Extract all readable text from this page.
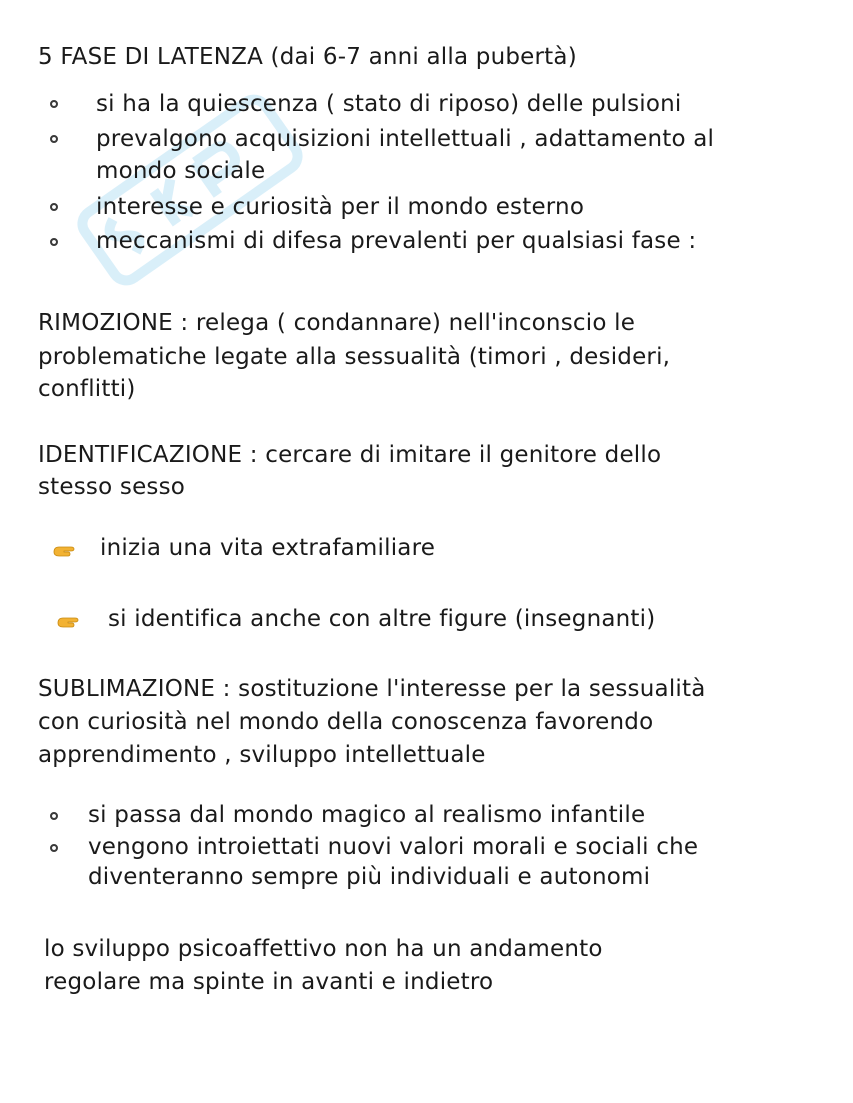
5 FASE DI LATENZA (dai 6-7 anni alla pubertà)
si ha la quiescenza ( stato di riposo) delle pulsioni
prevalgono acquisizioni intellettuali , adattamento al
mondo sociale
interesse e curiosità per il mondo esterno
meccanismi di difesa prevalenti per qualsiasi fase :
RIMOZIONE : relega ( condannare) nell'inconscio le
problematiche legate alla sessualità (timori , desideri,
conflitti)
IDENTIFICAZIONE : cercare di imitare il genitore dello
stesso sesso
inizia una vita extrafamiliare
si identifica anche con altre figure (insegnanti)
SUBLIMAZIONE : sostituzione l'interesse per la sessualità
con curiosità nel mondo della conoscenza favorendo
apprendimento , sviluppo intellettuale
si passa dal mondo magico al realismo infantile
vengono introiettati nuovi valori morali e sociali che
diventeranno sempre più individuali e autonomi
lo sviluppo psicoaffettivo non ha un andamento
regolare ma spinte in avanti e indietro
